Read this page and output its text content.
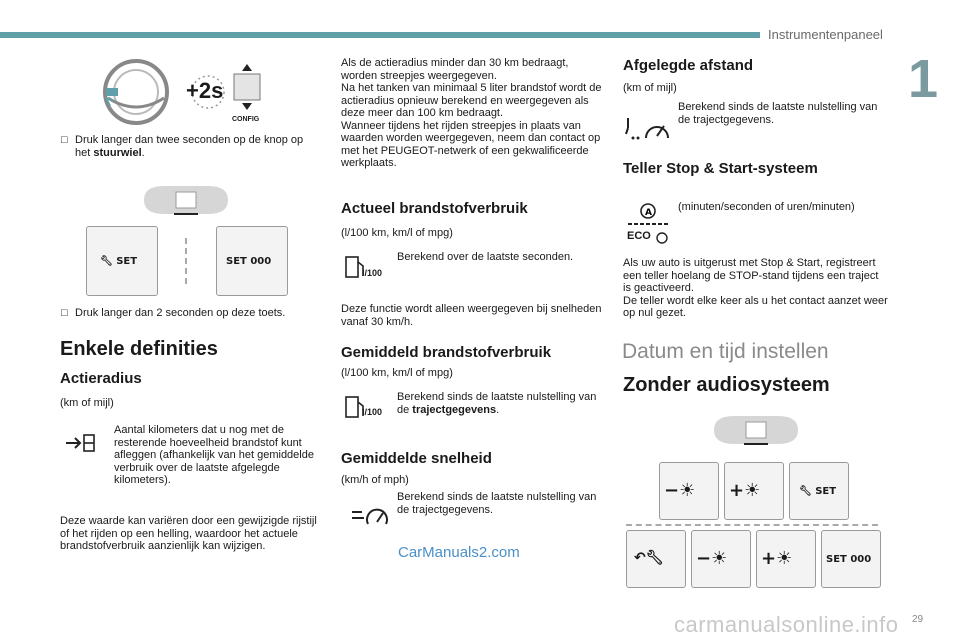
Instrumentenpaneel
1
29
+2s
CONFIG
□ Druk langer dan twee seconden op de knop op het stuurwiel.
🔧︎ SET	SET 000
□ Druk langer dan 2 seconden op deze toets.
Enkele definities
Actieradius
(km of mijl)
Aantal kilometers dat u nog met de resterende hoeveelheid brandstof kunt afleggen (afhankelijk van het gemiddelde verbruik over de laatste afgelegde kilometers).
Deze waarde kan variëren door een gewijzigde rijstijl of het rijden op een helling, waardoor het actuele brandstofverbruik aanzienlijk kan wijzigen.
Als de actieradius minder dan 30 km bedraagt, worden streepjes weergegeven.
Na het tanken van minimaal 5 liter brandstof wordt de actieradius opnieuw berekend en weergegeven als deze meer dan 100 km bedraagt.
Wanneer tijdens het rijden streepjes in plaats van waarden worden weergegeven, neem dan contact op met het PEUGEOT-netwerk of een gekwalificeerde werkplaats.
Actueel brandstofverbruik
(l/100 km, km/l of mpg)
l/100
Berekend over de laatste seconden.
Deze functie wordt alleen weergegeven bij snelheden vanaf 30 km/h.
Gemiddeld brandstofverbruik
(l/100 km, km/l of mpg)
l/100
Berekend sinds de laatste nulstelling van de trajectgegevens.
Gemiddelde snelheid
(km/h of mph)
Berekend sinds de laatste nulstelling van de trajectgegevens.
CarManuals2.com
Afgelegde afstand
(km of mijl)
Berekend sinds de laatste nulstelling van de trajectgegevens.
Teller Stop & Start-systeem
A
ECO
(minuten/seconden of uren/minuten)
Als uw auto is uitgerust met Stop & Start, registreert een teller hoelang de STOP-stand tijdens een traject is geactiveerd.
De teller wordt elke keer als u het contact aanzet weer op nul gezet.
Datum en tijd instellen
Zonder audiosysteem
−☀︎ +☀︎	🔧︎ SET
↶🔧︎ −☀︎ +☀︎	SET 000
carmanualsonline.info
